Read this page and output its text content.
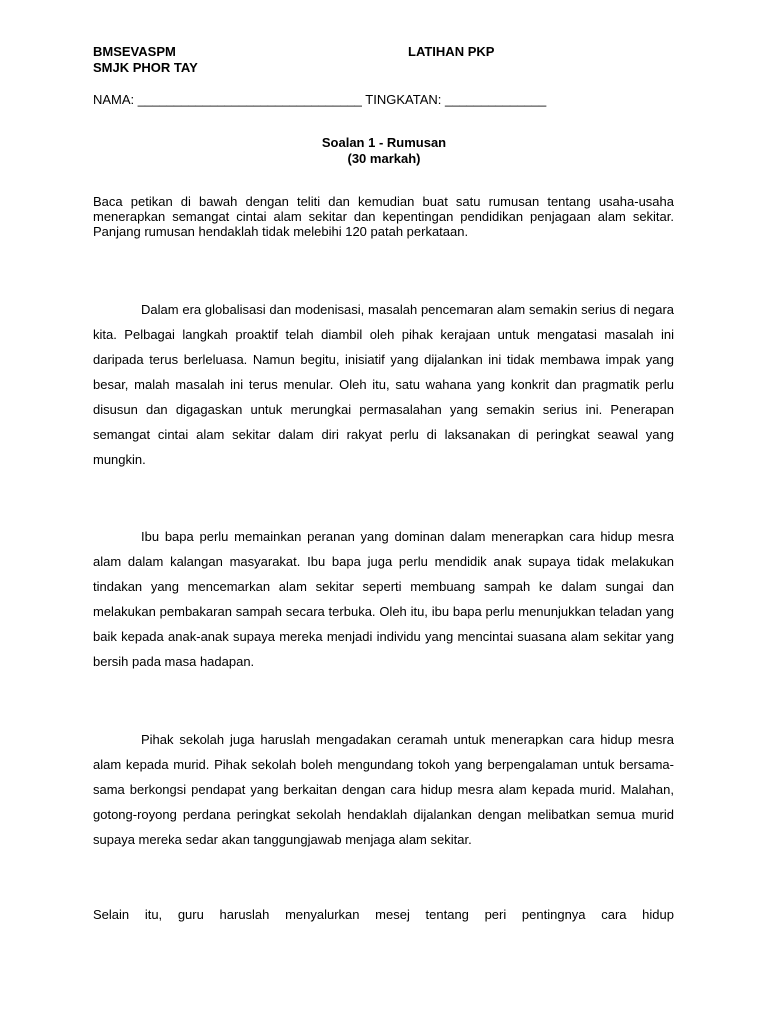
BMSEVASPM
SMJK PHOR TAY
LATIHAN PKP
NAMA: _______________________________ TINGKATAN: ______________
Soalan 1 - Rumusan
(30 markah)

Baca petikan di bawah dengan teliti dan kemudian buat satu rumusan tentang usaha-usaha menerapkan semangat cintai alam sekitar dan kepentingan pendidikan penjagaan alam sekitar. Panjang rumusan hendaklah tidak melebihi 120 patah perkataan.

Dalam era globalisasi dan modenisasi, masalah pencemaran alam semakin serius di negara kita. Pelbagai langkah proaktif telah diambil oleh pihak kerajaan untuk mengatasi masalah ini daripada terus berleluasa. Namun begitu, inisiatif yang dijalankan ini tidak membawa impak yang besar, malah masalah ini terus menular. Oleh itu, satu wahana yang konkrit dan pragmatik perlu disusun dan digagaskan untuk merungkai permasalahan yang semakin serius ini. Penerapan semangat cintai alam sekitar dalam diri rakyat perlu di laksanakan di peringkat seawal yang mungkin.

Ibu bapa perlu memainkan peranan yang dominan dalam menerapkan cara hidup mesra alam dalam kalangan masyarakat. Ibu bapa juga perlu mendidik anak supaya tidak melakukan tindakan yang mencemarkan alam sekitar seperti membuang sampah ke dalam sungai dan melakukan pembakaran sampah secara terbuka. Oleh itu, ibu bapa perlu menunjukkan teladan yang baik kepada anak-anak supaya mereka menjadi individu yang mencintai suasana alam sekitar yang bersih pada masa hadapan.

Pihak sekolah juga haruslah mengadakan ceramah untuk menerapkan cara hidup mesra alam kepada murid. Pihak sekolah boleh mengundang tokoh yang berpengalaman untuk bersama-sama berkongsi pendapat yang berkaitan dengan cara hidup mesra alam kepada murid. Malahan, gotong-royong perdana peringkat sekolah hendaklah dijalankan dengan melibatkan semua murid supaya mereka sedar akan tanggungjawab menjaga alam sekitar.

Selain itu, guru haruslah menyalurkan mesej tentang peri pentingnya cara hidup
